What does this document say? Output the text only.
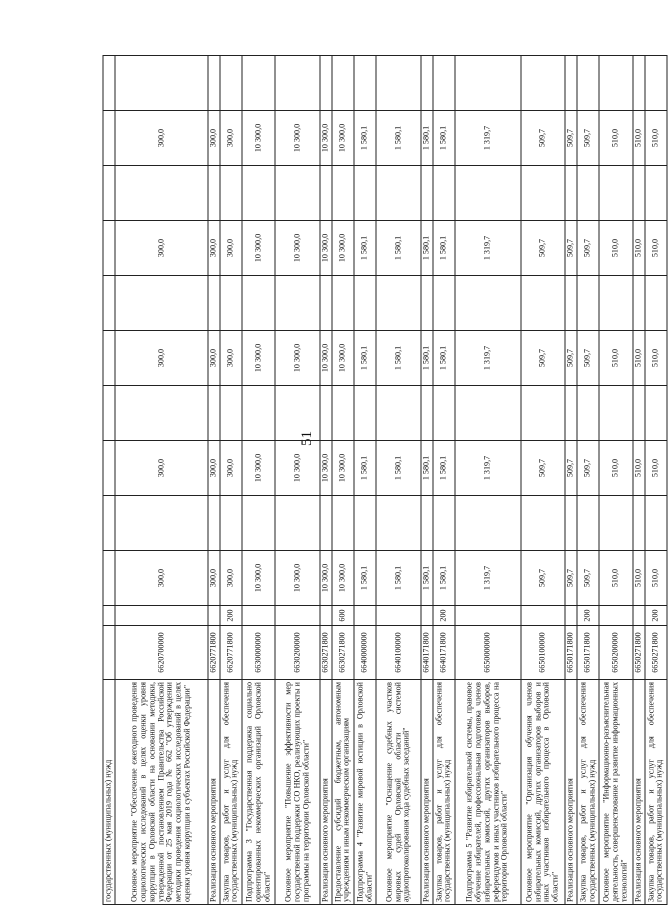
51
государственных (муниципальных) нужд												
Основное мероприятие "Обеспечение ежегодного проведения социологических исследований в целях оценки уровня коррупции в Орловской области на основании методики, утвержденной постановлением Правительства Российской Федерации от 25 мая 2019 года № 662 "Об утверждении методики проведения социологических исследований в целях оценки уровня коррупции в субъектах Российской Федерации"	6620700000		300,0		300,0		300,0		300,0		300,0	
Реализация основного мероприятия	6620771800		300,0		300,0		300,0		300,0		300,0	
Закупка товаров, работ и услуг для обеспечения государственных (муниципальных) нужд	6620771800	200	300,0		300,0		300,0		300,0		300,0	
Подпрограмма 3 "Государственная поддержка социально ориентированных некоммерческих организаций Орловской области"	6630000000		10 300,0		10 300,0		10 300,0		10 300,0		10 300,0	
Основное мероприятие "Повышение эффективности мер государственной поддержки СО НКО, реализующих проекты и программы на территории Орловской области"	6630200000		10 300,0		10 300,0		10 300,0		10 300,0		10 300,0	
Реализация основного мероприятия	6630271800		10 300,0		10 300,0		10 300,0		10 300,0		10 300,0	
Предоставление субсидий бюджетным, автономным учреждениям и иным некоммерческим организациям	6630271800	600	10 300,0		10 300,0		10 300,0		10 300,0		10 300,0	
Подпрограмма 4 "Развитие мировой юстиции в Орловской области"	6640000000		1 580,1		1 580,1		1 580,1		1 580,1		1 580,1	
Основное мероприятие "Оснащение судебных участков мировых судей Орловской области системой аудиопротоколирования хода судебных заседаний"	6640100000		1 580,1		1 580,1		1 580,1		1 580,1		1 580,1	
Реализация основного мероприятия	6640171800		1 580,1		1 580,1		1 580,1		1 580,1		1 580,1	
Закупка товаров, работ и услуг для обеспечения государственных (муниципальных) нужд	6640171800	200	1 580,1		1 580,1		1 580,1		1 580,1		1 580,1	
Подпрограмма 5 "Развитие избирательной системы, правовое обучение избирателей, профессиональная подготовка членов избирательных комиссий, других организаторов выборов, референдумов и иных участников избирательного процесса на территории Орловской области"	6650000000		1 319,7		1 319,7		1 319,7		1 319,7		1 319,7	
Основное мероприятие "Организация обучения членов избирательных комиссий, других организаторов выборов и иных участников избирательного процесса в Орловской области"	6650100000		509,7		509,7		509,7		509,7		509,7	
Реализация основного мероприятия	6650171800		509,7		509,7		509,7		509,7		509,7	
Закупка товаров, работ и услуг для обеспечения государственных (муниципальных) нужд	6650171800	200	509,7		509,7		509,7		509,7		509,7	
Основное мероприятие "Информационно-разъяснительная деятельность, совершенствование и развитие информационных технологий"	6650200000		510,0		510,0		510,0		510,0		510,0	
Реализация основного мероприятия	6650271800		510,0		510,0		510,0		510,0		510,0	
Закупка товаров, работ и услуг для обеспечения государственных (муниципальных) нужд	6650271800	200	510,0		510,0		510,0		510,0		510,0	
